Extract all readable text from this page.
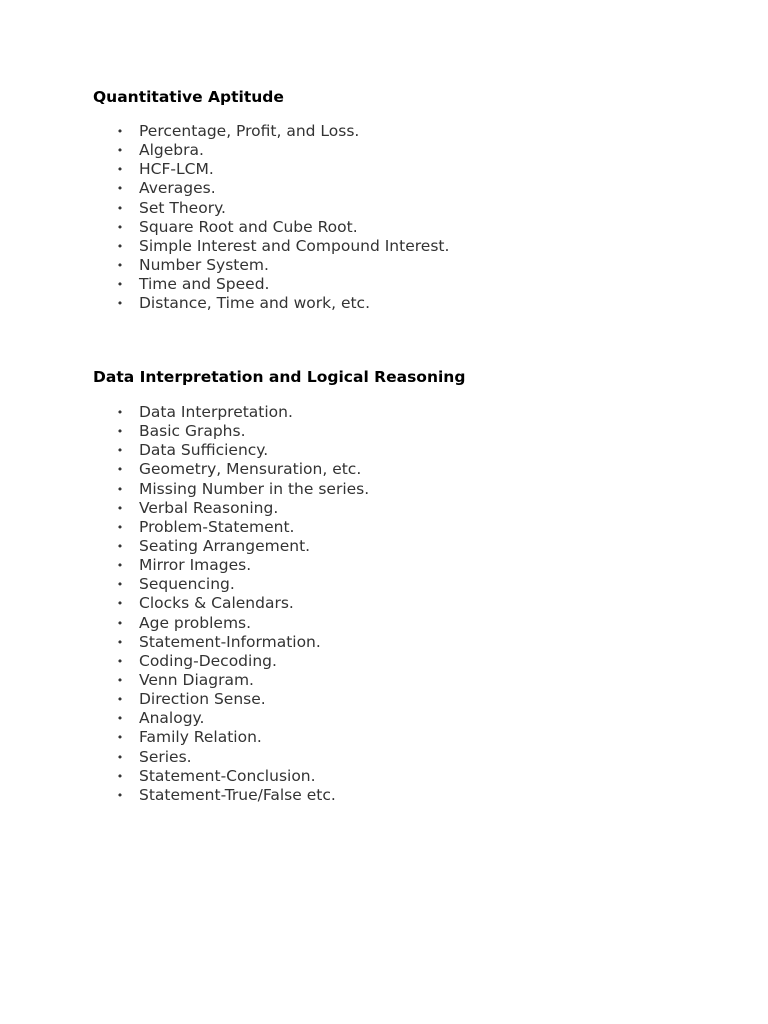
Quantitative Aptitude
• Percentage, Profit, and Loss.
• Algebra.
• HCF-LCM.
• Averages.
• Set Theory.
• Square Root and Cube Root.
• Simple Interest and Compound Interest.
• Number System.
• Time and Speed.
• Distance, Time and work, etc.
Data Interpretation and Logical Reasoning
• Data Interpretation.
• Basic Graphs.
• Data Sufficiency.
• Geometry, Mensuration, etc.
• Missing Number in the series.
• Verbal Reasoning.
• Problem-Statement.
• Seating Arrangement.
• Mirror Images.
• Sequencing.
• Clocks & Calendars.
• Age problems.
• Statement-Information.
• Coding-Decoding.
• Venn Diagram.
• Direction Sense.
• Analogy.
• Family Relation.
• Series.
• Statement-Conclusion.
• Statement-True/False etc.
